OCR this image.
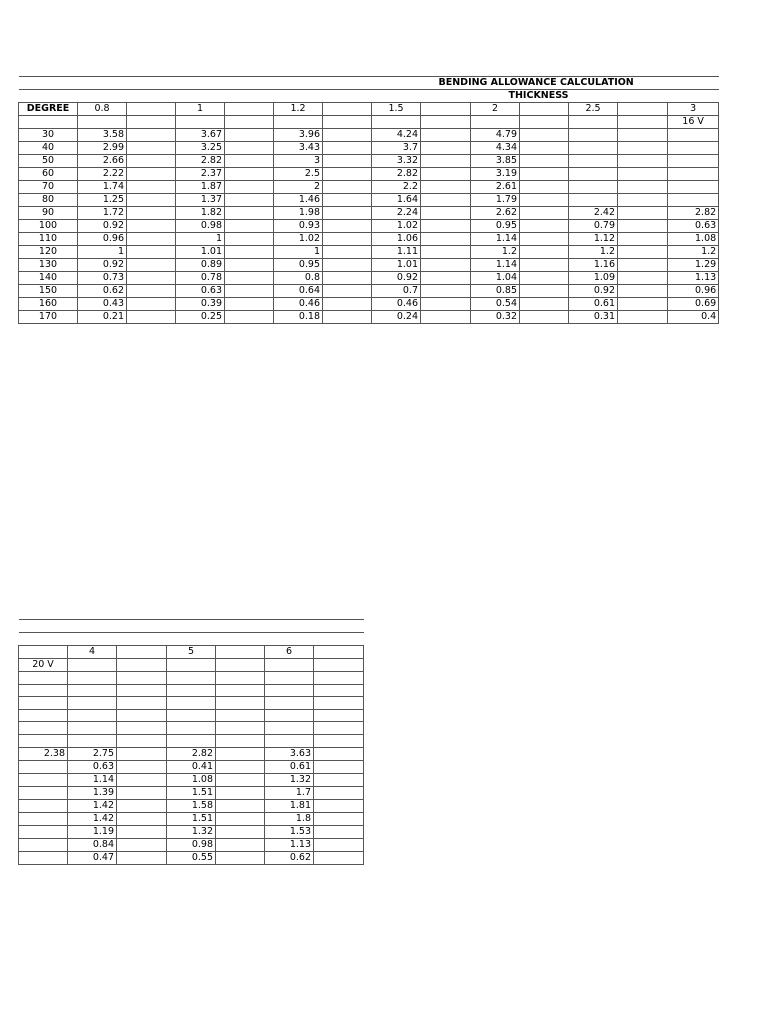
BENDING ALLOWANCE CALCULATION														
THICKNESS														
DEGREE	0.8		1		1.2		1.5		2		2.5		3	
													16 V	
30	3.58		3.67		3.96		4.24		4.79					
40	2.99		3.25		3.43		3.7		4.34					
50	2.66		2.82		3		3.32		3.85					
60	2.22		2.37		2.5		2.82		3.19					
70	1.74		1.87		2		2.2		2.61					
80	1.25		1.37		1.46		1.64		1.79					
90	1.72		1.82		1.98		2.24		2.62		2.42		2.82	
100	0.92		0.98		0.93		1.02		0.95		0.79		0.63	
110	0.96		1		1.02		1.06		1.14		1.12		1.08	
120	1		1.01		1		1.11		1.2		1.2		1.2	
130	0.92		0.89		0.95		1.01		1.14		1.16		1.29	
140	0.73		0.78		0.8		0.92		1.04		1.09		1.13	
150	0.62		0.63		0.64		0.7		0.85		0.92		0.96	
160	0.43		0.39		0.46		0.46		0.54		0.61		0.69	
170	0.21		0.25		0.18		0.24		0.32		0.31		0.4	

	4		5		6	
20 V						

2.38	2.75		2.82		3.63	
	0.63		0.41		0.61	
	1.14		1.08		1.32	
	1.39		1.51		1.7	
	1.42		1.58		1.81	
	1.42		1.51		1.8	
	1.19		1.32		1.53	
	0.84		0.98		1.13	
	0.47		0.55		0.62	
